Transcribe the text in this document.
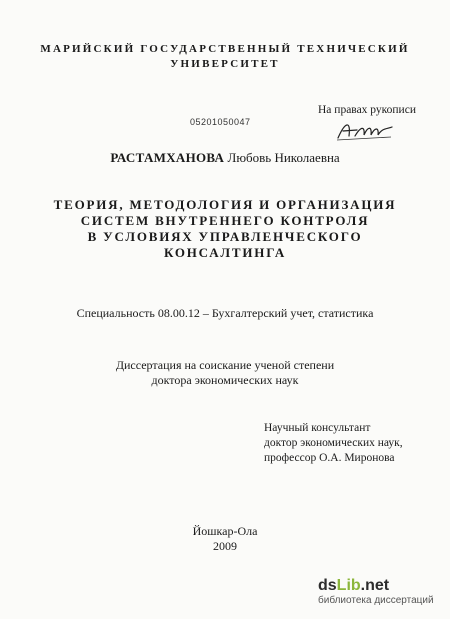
МАРИЙСКИЙ ГОСУДАРСТВЕННЫЙ ТЕХНИЧЕСКИЙ
УНИВЕРСИТЕТ
На правах рукописи
05201050047
РАСТАМХАНОВА Любовь Николаевна
ТЕОРИЯ, МЕТОДОЛОГИЯ И ОРГАНИЗАЦИЯ
СИСТЕМ ВНУТРЕННЕГО КОНТРОЛЯ
В УСЛОВИЯХ УПРАВЛЕНЧЕСКОГО
КОНСАЛТИНГА
Специальность 08.00.12 – Бухгалтерский учет, статистика
Диссертация на соискание ученой степени
доктора экономических наук
Научный консультант
доктор экономических наук,
профессор О.А. Миронова
Йошкар-Ола
2009
dsLib.net
библиотека диссертаций
